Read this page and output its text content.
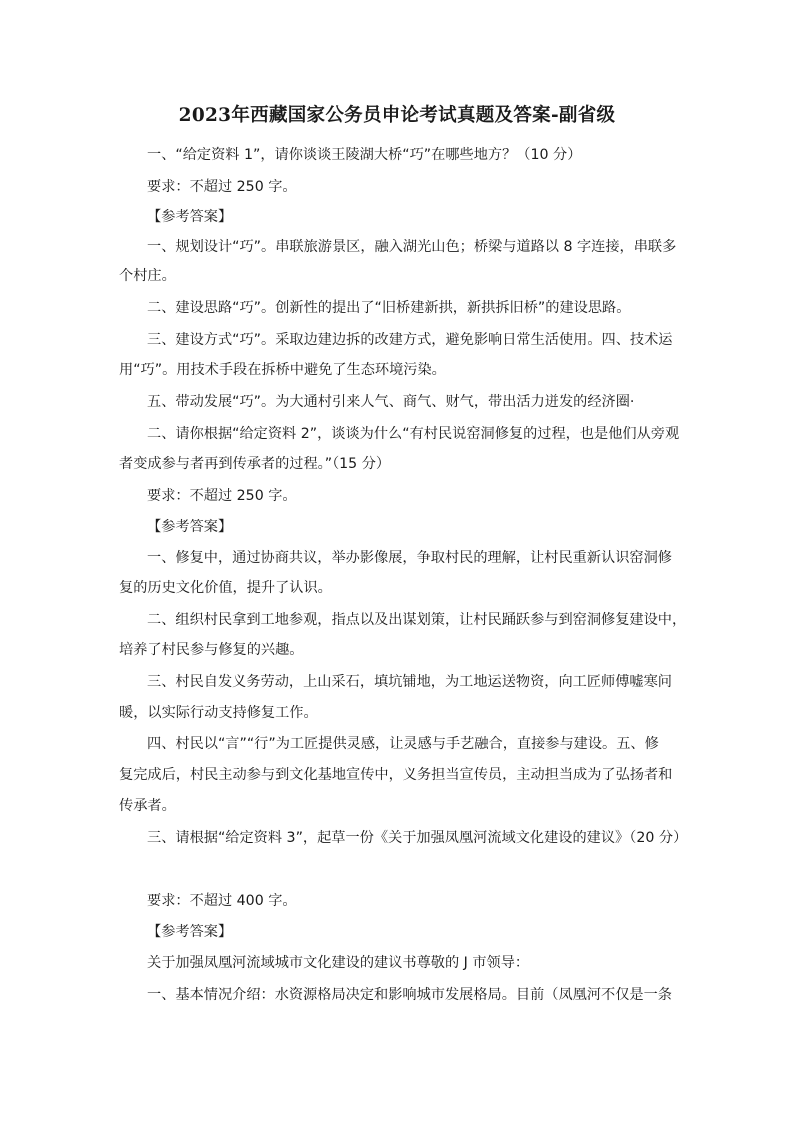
2023年西藏国家公务员申论考试真题及答案-副省级
一、“给定资料 1”，请你谈谈王陵湖大桥“巧”在哪些地方？（10 分）
要求：不超过 250 字。
【参考答案】
一、规划设计“巧”。串联旅游景区，融入湖光山色；桥梁与道路以 8 字连接，串联多
个村庄。
二、建设思路“巧”。创新性的提出了“旧桥建新拱，新拱拆旧桥”的建设思路。
三、建设方式“巧”。采取边建边拆的改建方式，避免影响日常生活使用。四、技术运
用“巧”。用技术手段在拆桥中避免了生态环境污染。
五、带动发展“巧”。为大通村引来人气、商气、财气，带出活力迸发的经济圈·
二、请你根据“给定资料 2”，谈谈为什么“有村民说窑洞修复的过程，也是他们从旁观
者变成参与者再到传承者的过程。”（15 分）
要求：不超过 250 字。
【参考答案】
一、修复中，通过协商共议，举办影像展，争取村民的理解，让村民重新认识窑洞修
复的历史文化价值，提升了认识。
二、组织村民拿到工地参观，指点以及出谋划策，让村民踊跃参与到窑洞修复建设中，
培养了村民参与修复的兴趣。
三、村民自发义务劳动，上山采石，填坑铺地，为工地运送物资，向工匠师傅嘘寒问
暖，以实际行动支持修复工作。
四、村民以“言”“行”为工匠提供灵感，让灵感与手艺融合，直接参与建设。五、修
复完成后，村民主动参与到文化基地宣传中，义务担当宣传员，主动担当成为了弘扬者和
传承者。
三、请根据“给定资料 3”，起草一份《关于加强凤凰河流域文化建设的建议》（20 分）
要求：不超过 400 字。
【参考答案】
关于加强凤凰河流域城市文化建设的建议书尊敬的 J 市领导：
一、基本情况介绍：水资源格局决定和影响城市发展格局。目前（凤凰河不仅是一条
